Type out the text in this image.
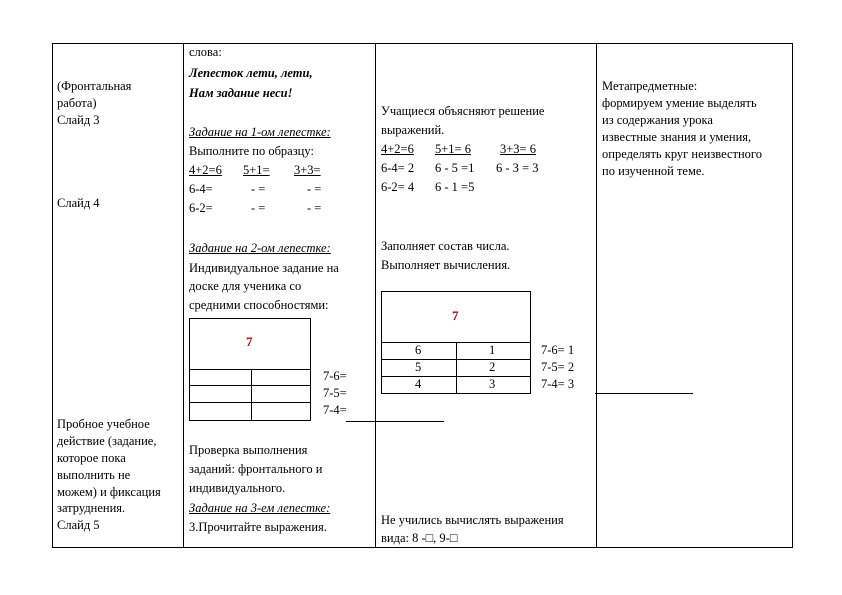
(Фронтальная
работа)
Слайд 3
Слайд 4
Пробное учебное
действие (задание,
которое пока
выполнить не
можем) и фиксация
затруднения.
Слайд 5
слова:
Лепесток лети, лети,
Нам задание неси!
Задание на 1-ом лепестке:
Выполните по образцу:
4+2=6 5+1= 3+3=
6-4=	- =	- =
6-2=	- =	- =
Задание на 2-ом лепестке:
Индивидуальное задание на
доске для ученика со
средними способностями:
7
7-6=
7-5=
7-4=
Проверка выполнения
заданий: фронтального и
индивидуального.
Задание на 3-ем лепестке:
3.Прочитайте выражения.
Учащиеся объясняют решение
выражений.
4+2=6 5+1= 6 3+3= 6
6-4= 2 6 - 5 =1 6 - 3 = 3
6-2= 4 6 - 1 =5
Заполняет состав числа.
Выполняет вычисления.
7
6	1
5	2
4	3
7-6= 1
7-5= 2
7-4= 3
Не учились вычислять выражения
вида: 8 -□, 9-□
Метапредметные:
формируем умение выделять
из содержания урока
известные знания и умения,
определять круг неизвестного
по изученной теме.
